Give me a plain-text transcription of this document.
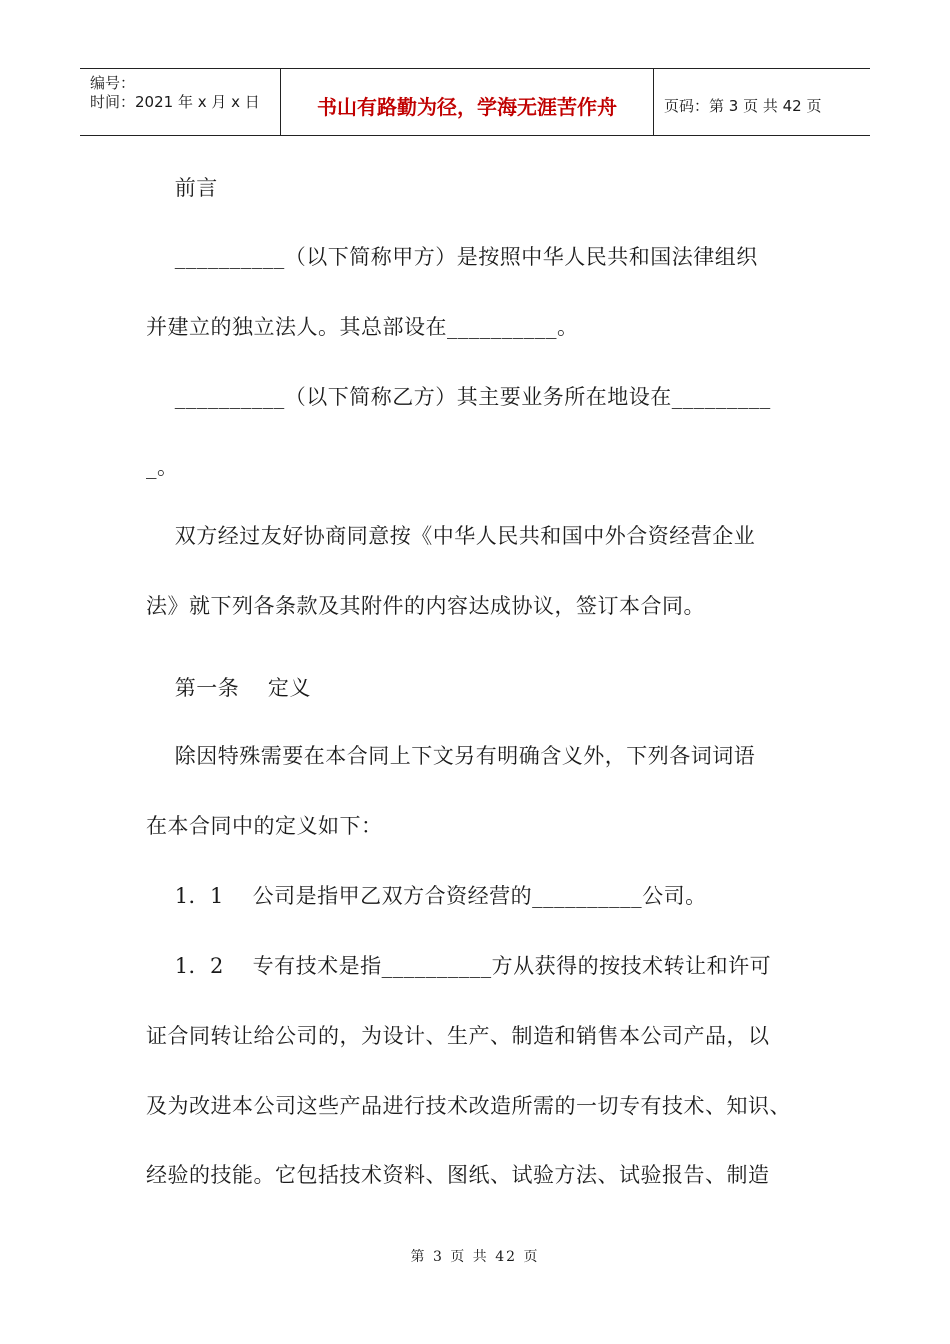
编号：
时间：2021 年 x 月 x 日	书山有路勤为径，学海无涯苦作舟	页码：第 3 页 共 42 页
前言
__________（以下简称甲方）是按照中华人民共和国法律组织
并建立的独立法人。其总部设在__________。
__________（以下简称乙方）其主要业务所在地设在_________
_。
双方经过友好协商同意按《中华人民共和国中外合资经营企业
法》就下列各条款及其附件的内容达成协议，签订本合同。
第一条    定义
除因特殊需要在本合同上下文另有明确含义外，下列各词词语
在本合同中的定义如下：
1．1    公司是指甲乙双方合资经营的__________公司。
1．2    专有技术是指__________方从获得的按技术转让和许可
证合同转让给公司的，为设计、生产、制造和销售本公司产品，以
及为改进本公司这些产品进行技术改造所需的一切专有技术、知识、
经验的技能。它包括技术资料、图纸、试验方法、试验报告、制造
第 3 页 共 42 页
